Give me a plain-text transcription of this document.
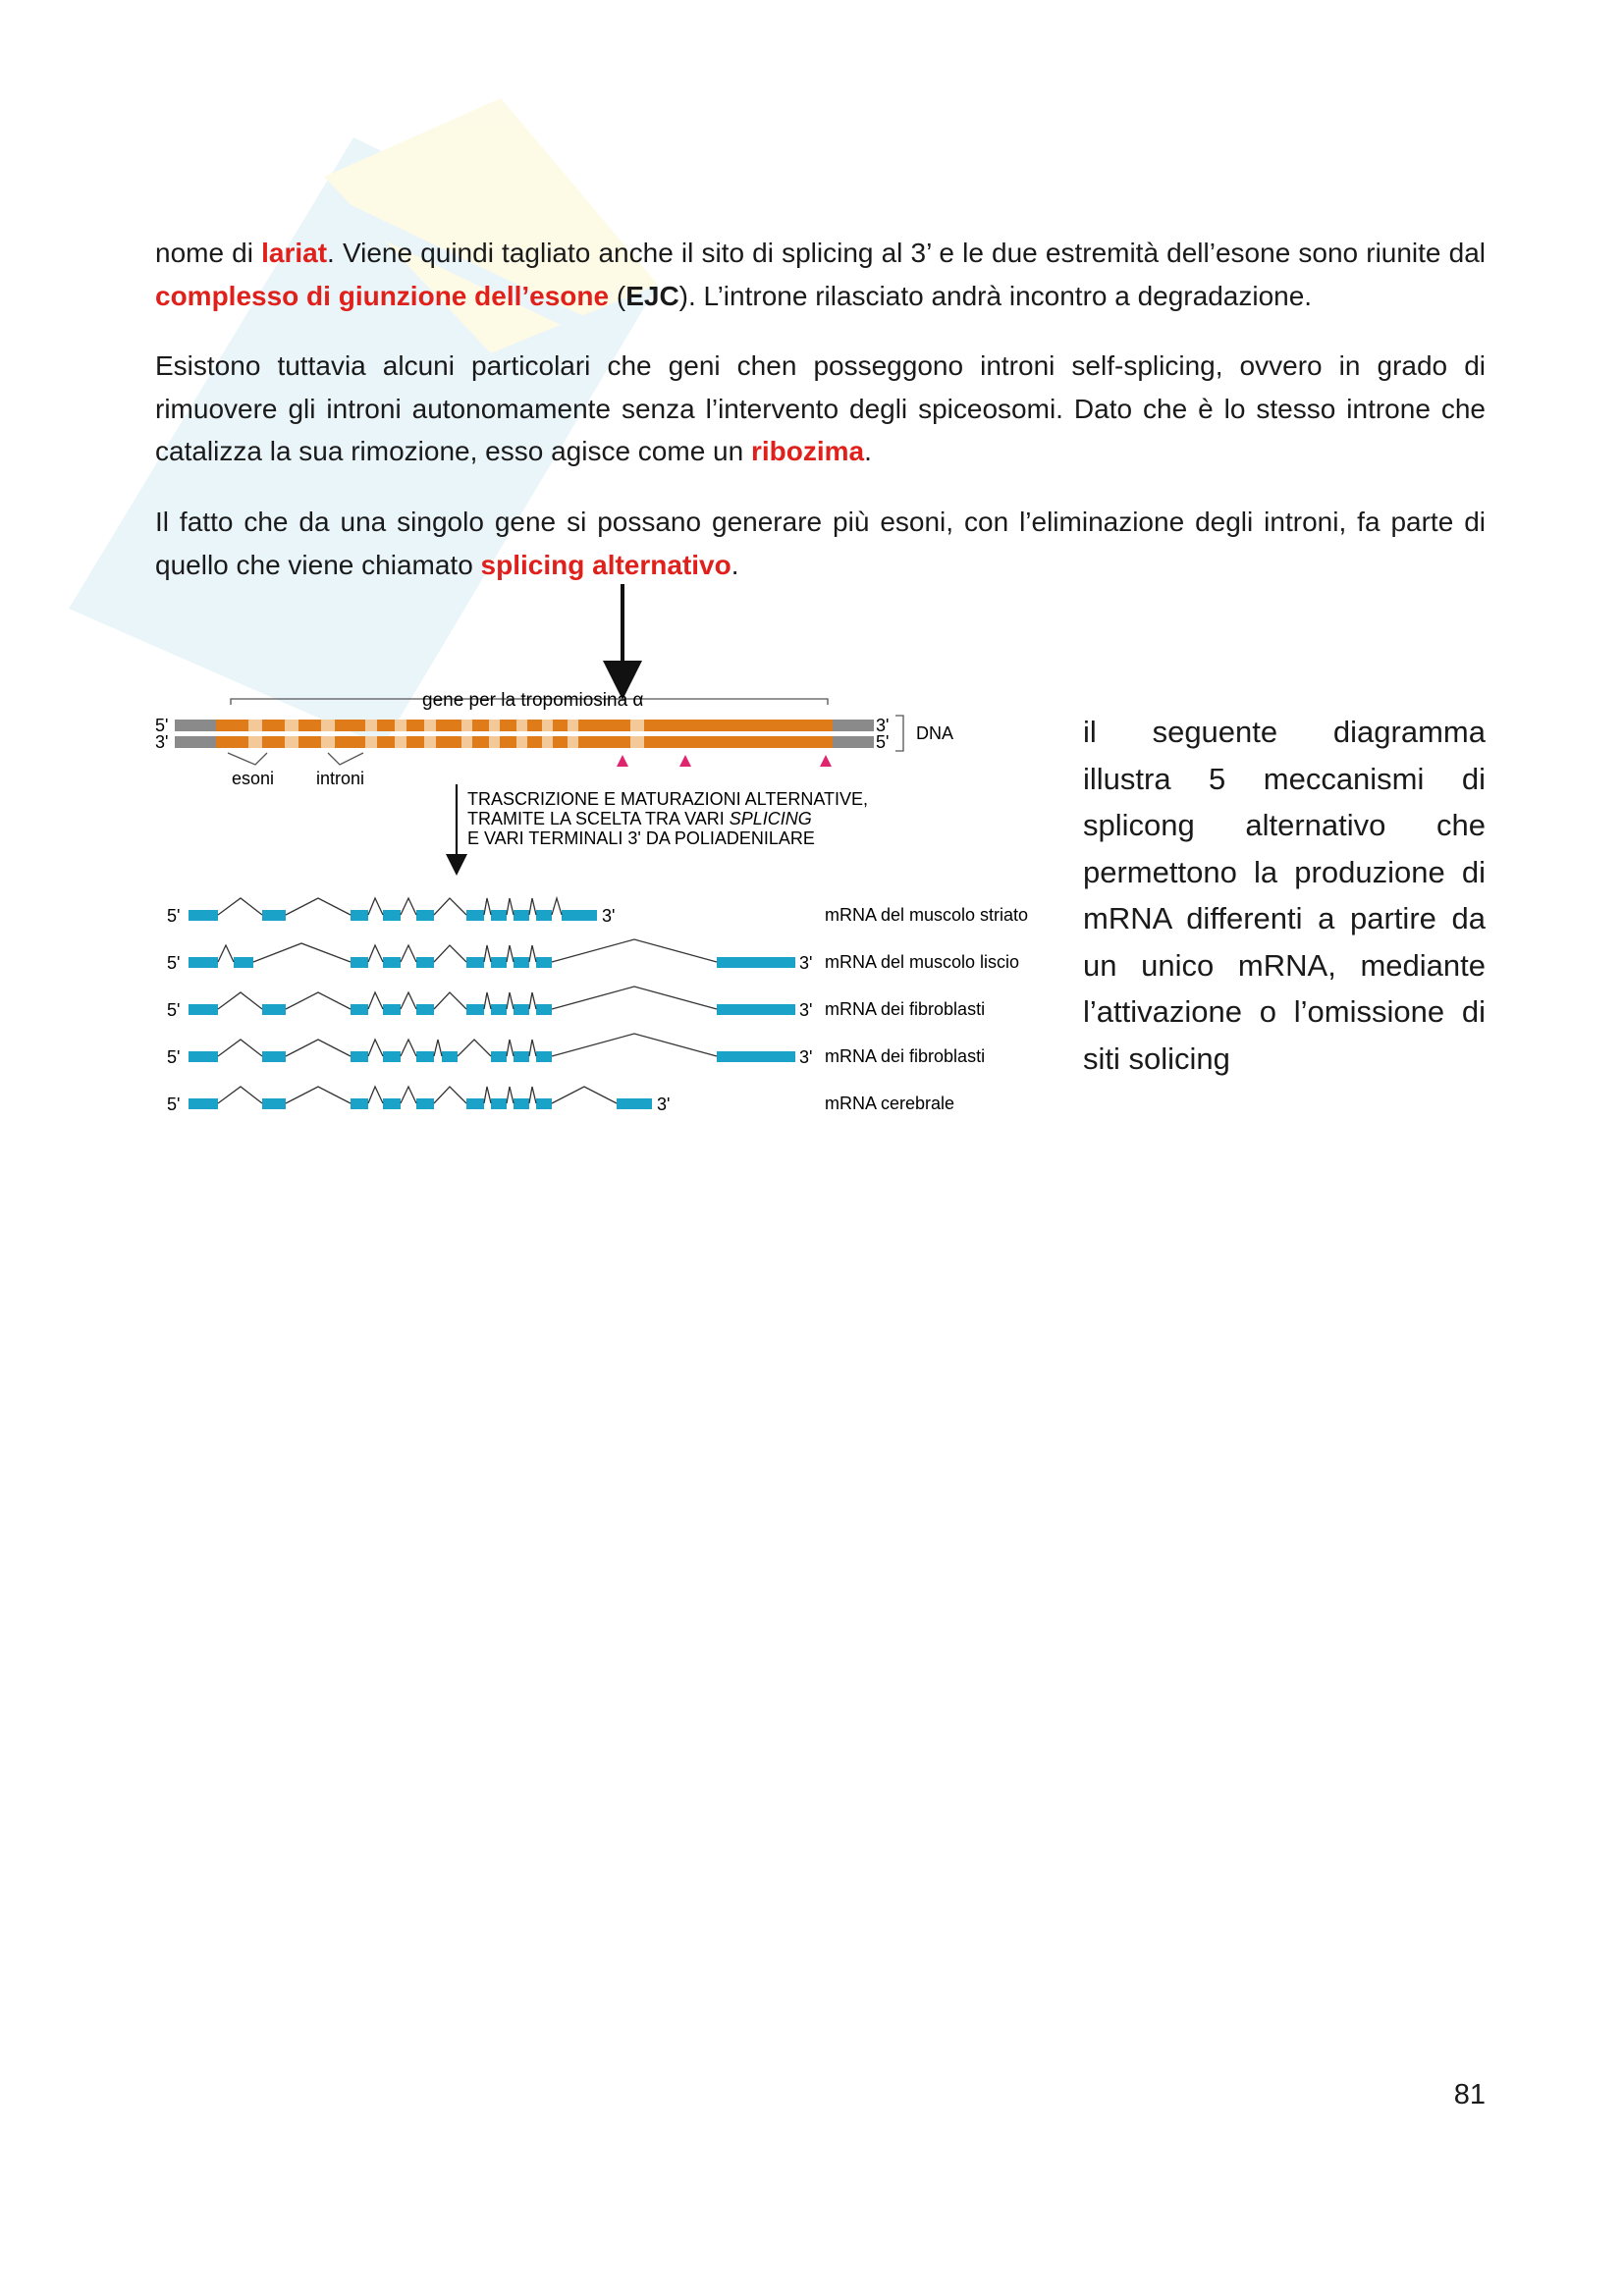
nome di lariat. Viene quindi tagliato anche il sito di splicing al 3’ e le due estremità dell’esone sono riunite dal complesso di giunzione dell’esone (EJC). L’introne rilasciato andrà incontro a degradazione.

Esistono tuttavia alcuni particolari che geni chen posseggono introni self-splicing, ovvero in grado di rimuovere gli introni autonomamente senza l’intervento degli spiceosomi. Dato che è lo stesso introne che catalizza la sua rimozione, esso agisce come un ribozima.

Il fatto che da una singolo gene si possano generare più esoni, con l’eliminazione degli introni, fa parte di quello che viene chiamato splicing alternativo.

gene per la tropomiosina α
5'
3'
3'
5' DNA
esoni introni
TRASCRIZIONE E MATURAZIONI ALTERNATIVE,
TRAMITE LA SCELTA TRA VARI SPLICING
E VARI TERMINALI 3' DA POLIADENILARE
5'	3'	mRNA del muscolo striato
5'	3' mRNA del muscolo liscio
5'	3' mRNA dei fibroblasti
5'	3' mRNA dei fibroblasti
5'	3'	mRNA cerebrale
il seguente diagramma
illustra 5 meccanismi di
splicong alternativo che
permettono la produzione di
mRNA differenti a partire da
un unico mRNA, mediante
l’attivazione o l’omissione di
siti solicing
81
